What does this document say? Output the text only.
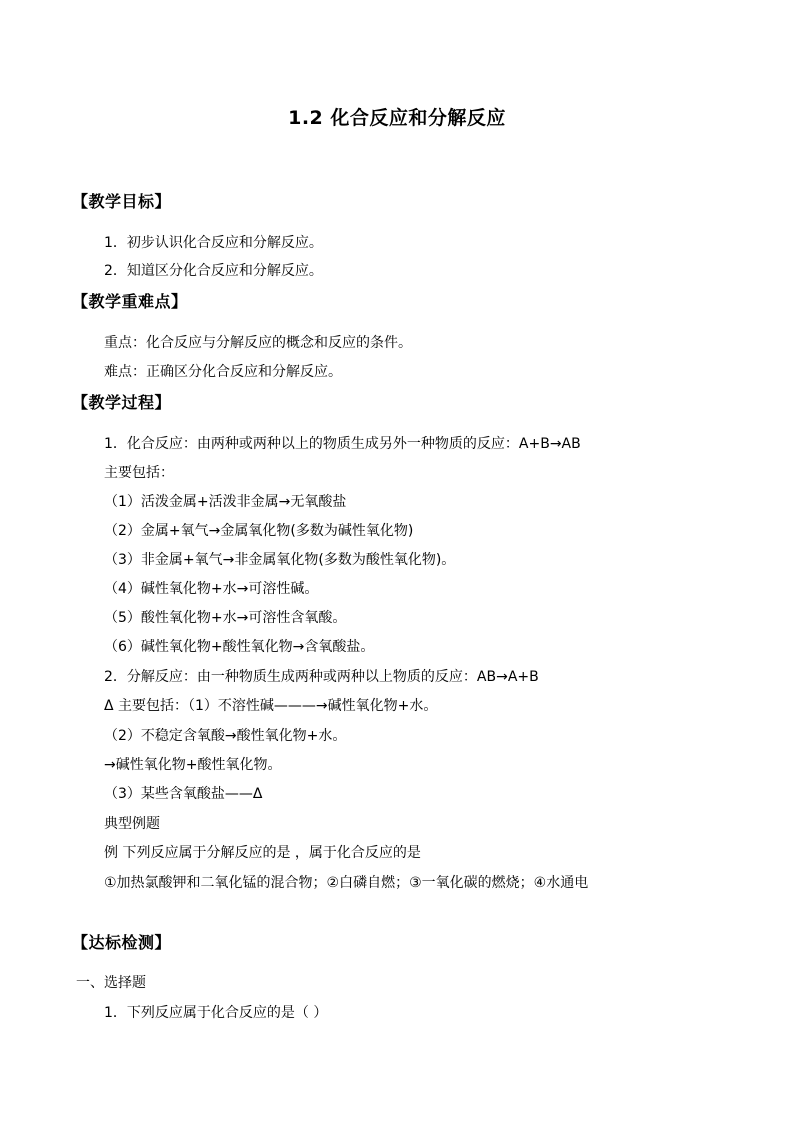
1.2 化合反应和分解反应
【教学目标】
1．初步认识化合反应和分解反应。
2．知道区分化合反应和分解反应。
【教学重难点】
重点：化合反应与分解反应的概念和反应的条件。
难点：正确区分化合反应和分解反应。
【教学过程】
1．化合反应：由两种或两种以上的物质生成另外一种物质的反应：A+B→AB
主要包括：
（1）活泼金属+活泼非金属→无氧酸盐
（2）金属+氧气→金属氧化物(多数为碱性氧化物)
（3）非金属+氧气→非金属氧化物(多数为酸性氧化物)。
（4）碱性氧化物+水→可溶性碱。
（5）酸性氧化物+水→可溶性含氧酸。
（6）碱性氧化物+酸性氧化物→含氧酸盐。
2．分解反应：由一种物质生成两种或两种以上物质的反应：AB→A+B
Δ 主要包括：（1）不溶性碱———→碱性氧化物+水。
（2）不稳定含氧酸→酸性氧化物+水。
→碱性氧化物+酸性氧化物。
（3）某些含氧酸盐——Δ
典型例题
例 下列反应属于分解反应的是 ，属于化合反应的是
①加热氯酸钾和二氧化锰的混合物；②白磷自燃；③一氧化碳的燃烧；④水通电
【达标检测】
一、选择题
1．下列反应属于化合反应的是（ ）
